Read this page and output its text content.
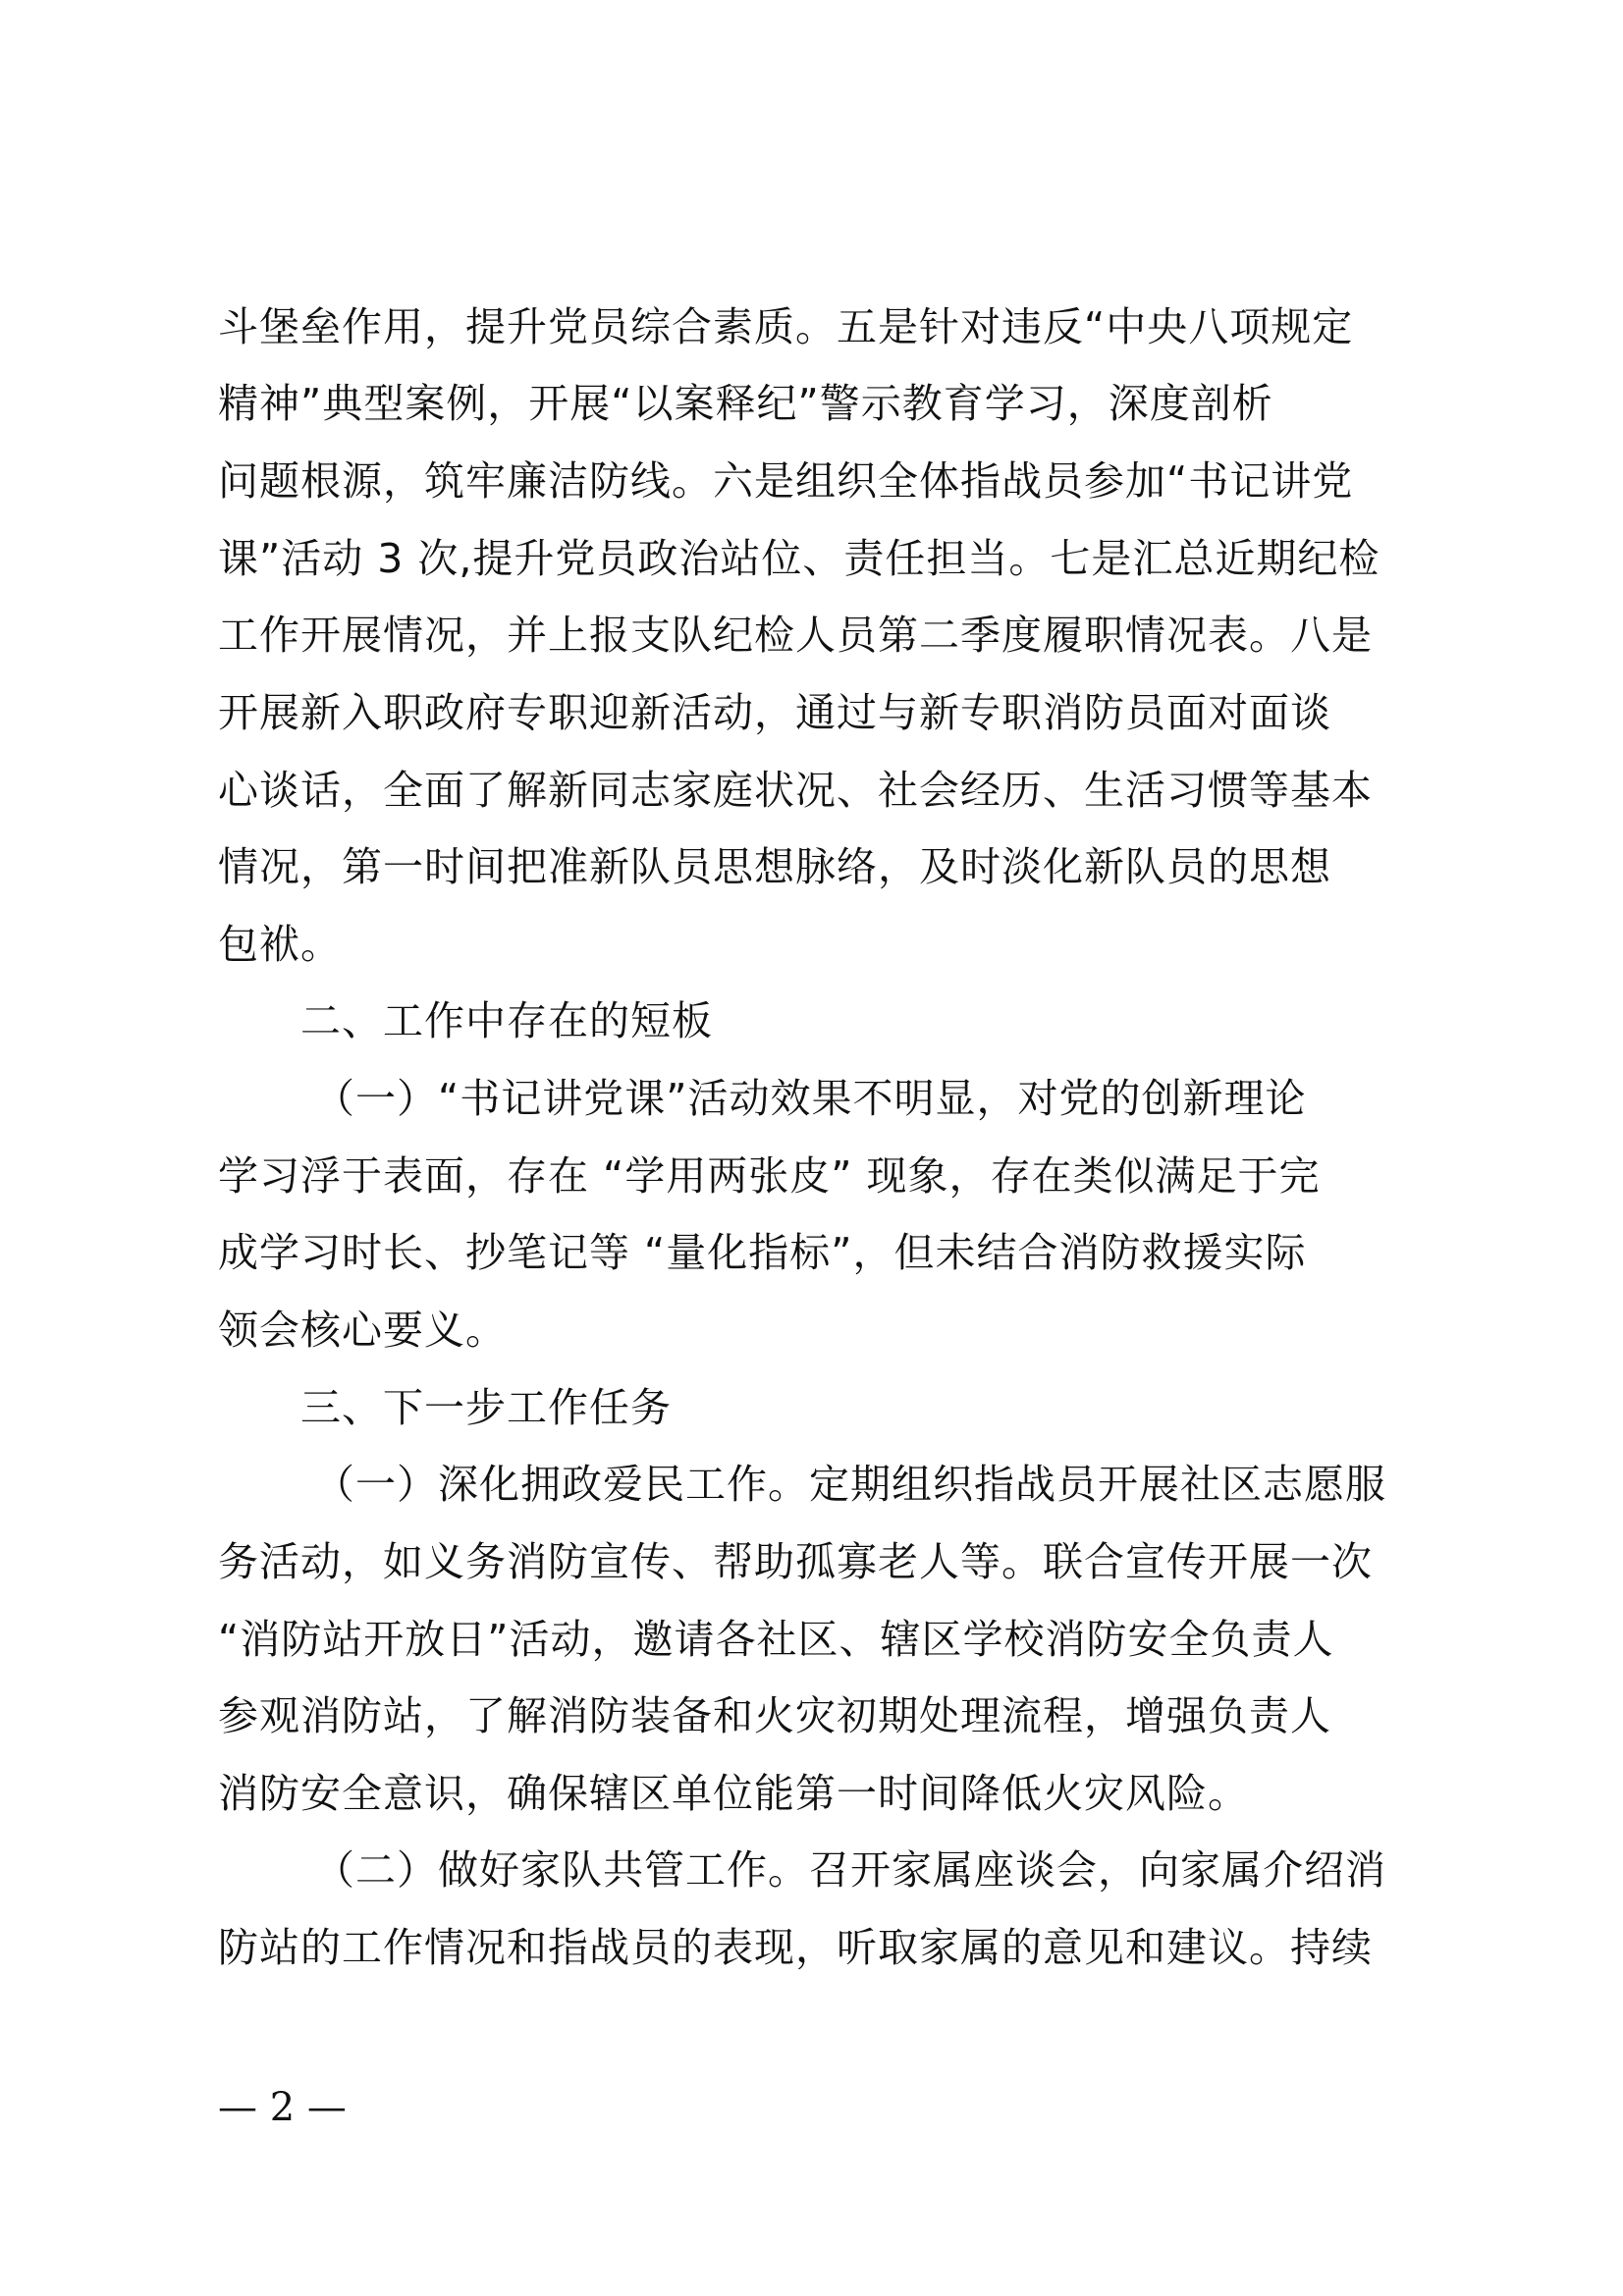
斗堡垒作用，提升党员综合素质。五是针对违反“中央八项规定
精神”典型案例，开展“以案释纪”警示教育学习，深度剖析
问题根源，筑牢廉洁防线。六是组织全体指战员参加“书记讲党
课”活动 3 次,提升党员政治站位、责任担当。七是汇总近期纪检
工作开展情况，并上报支队纪检人员第二季度履职情况表。八是
开展新入职政府专职迎新活动，通过与新专职消防员面对面谈
心谈话，全面了解新同志家庭状况、社会经历、生活习惯等基本
情况，第一时间把准新队员思想脉络，及时淡化新队员的思想
包袱。
二、工作中存在的短板
（一）“书记讲党课”活动效果不明显，对党的创新理论
学习浮于表面，存在 “学用两张皮” 现象，存在类似满足于完
成学习时长、抄笔记等 “量化指标”，但未结合消防救援实际
领会核心要义。
三、下一步工作任务
（一）深化拥政爱民工作。定期组织指战员开展社区志愿服
务活动，如义务消防宣传、帮助孤寡老人等。联合宣传开展一次
“消防站开放日”活动，邀请各社区、辖区学校消防安全负责人
参观消防站，了解消防装备和火灾初期处理流程，增强负责人
消防安全意识，确保辖区单位能第一时间降低火灾风险。
（二）做好家队共管工作。召开家属座谈会，向家属介绍消
防站的工作情况和指战员的表现，听取家属的意见和建议。持续
— 2 —
